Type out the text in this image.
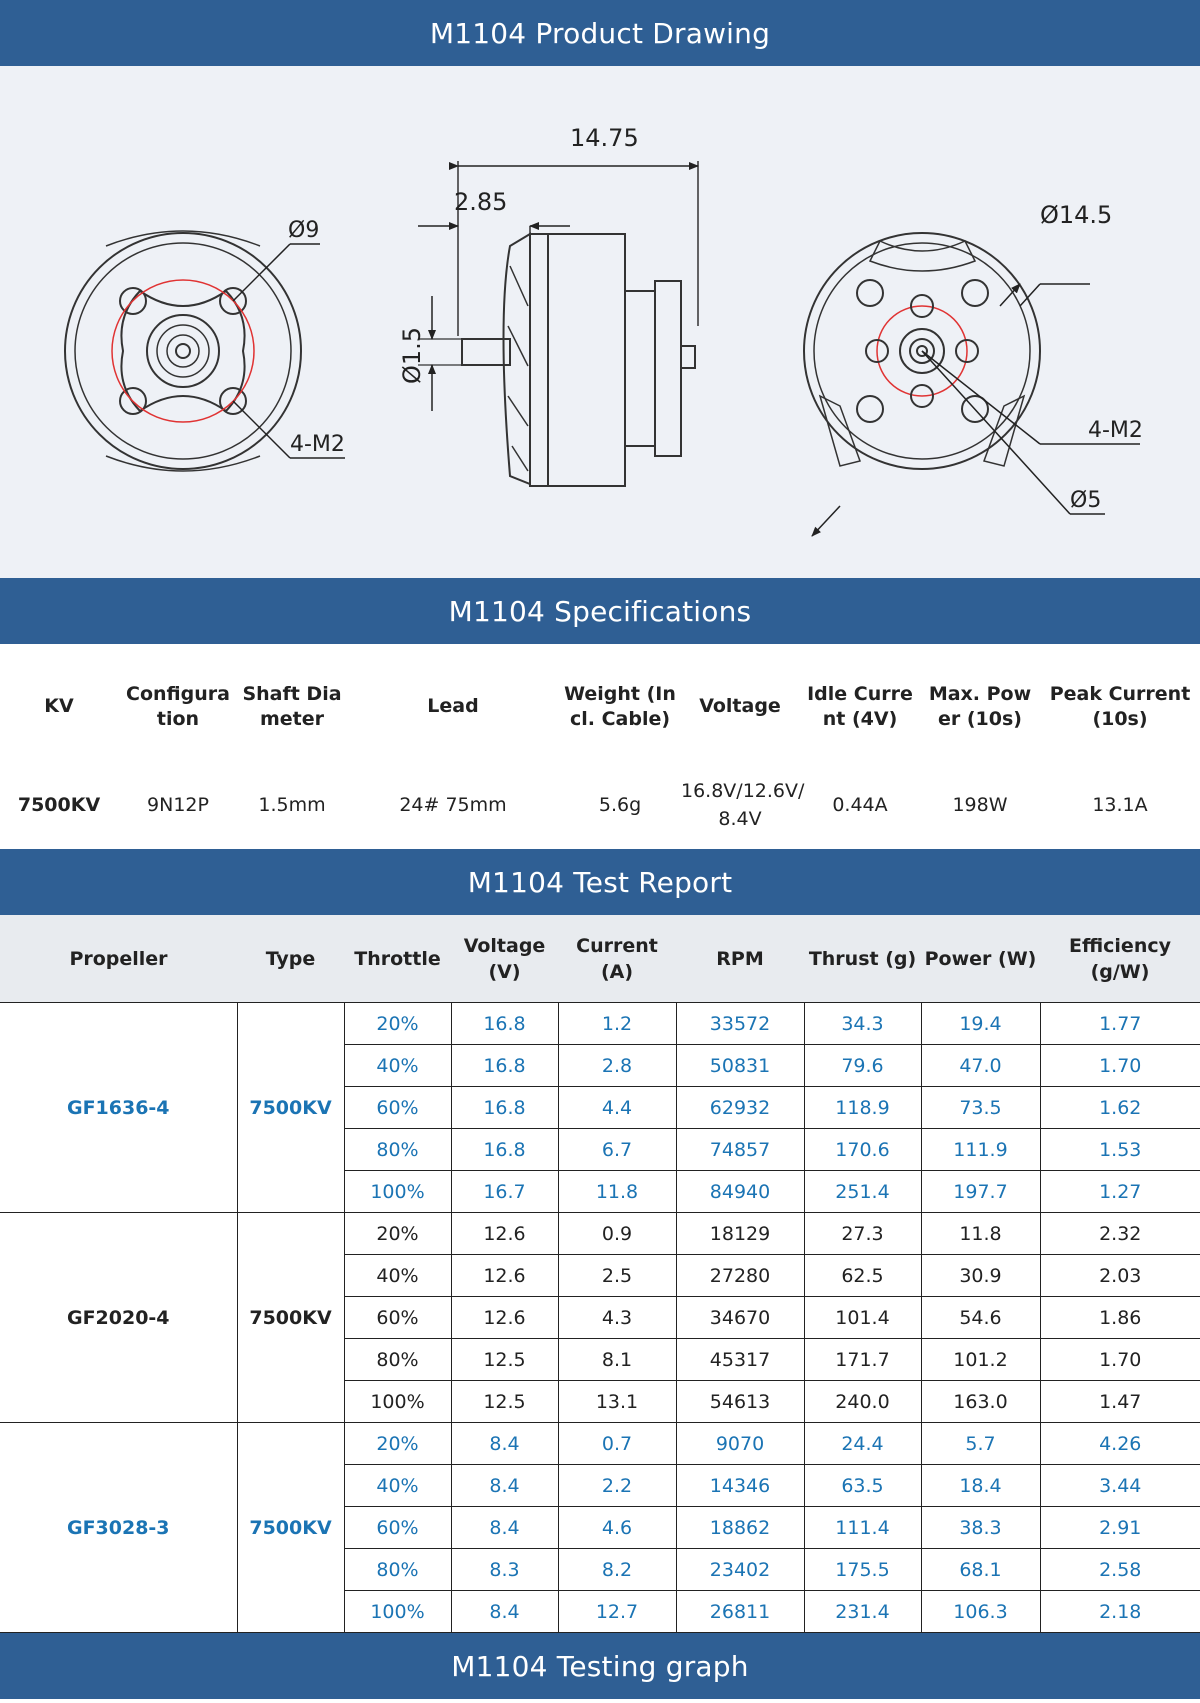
M1104 Product Drawing
Ø9
4-M2
14.75
2.85
Ø1.5
Ø14.5
4-M2
Ø5
M1104 Specifications
KV	Configuration	Shaft Diameter	Lead	Weight (Incl. Cable)	Voltage	Idle Current (4V)	Max. Power (10s)	Peak Current(10s)
7500KV	9N12P	1.5mm	24# 75mm	5.6g	16.8V/12.6V/ 8.4V	0.44A	198W	13.1A
M1104 Test Report
Propeller	Type	Throttle	Voltage (V)	Current (A)	RPM	Thrust (g)	Power (W)	Efficiency (g/W)
GF1636-4	7500KV	20%	16.8	1.2	33572	34.3	19.4	1.77
		40%	16.8	2.8	50831	79.6	47.0	1.70
		60%	16.8	4.4	62932	118.9	73.5	1.62
		80%	16.8	6.7	74857	170.6	111.9	1.53
		100%	16.7	11.8	84940	251.4	197.7	1.27
GF2020-4	7500KV	20%	12.6	0.9	18129	27.3	11.8	2.32
		40%	12.6	2.5	27280	62.5	30.9	2.03
		60%	12.6	4.3	34670	101.4	54.6	1.86
		80%	12.5	8.1	45317	171.7	101.2	1.70
		100%	12.5	13.1	54613	240.0	163.0	1.47
GF3028-3	7500KV	20%	8.4	0.7	9070	24.4	5.7	4.26
		40%	8.4	2.2	14346	63.5	18.4	3.44
		60%	8.4	4.6	18862	111.4	38.3	2.91
		80%	8.3	8.2	23402	175.5	68.1	2.58
		100%	8.4	12.7	26811	231.4	106.3	2.18
M1104 Testing graph
